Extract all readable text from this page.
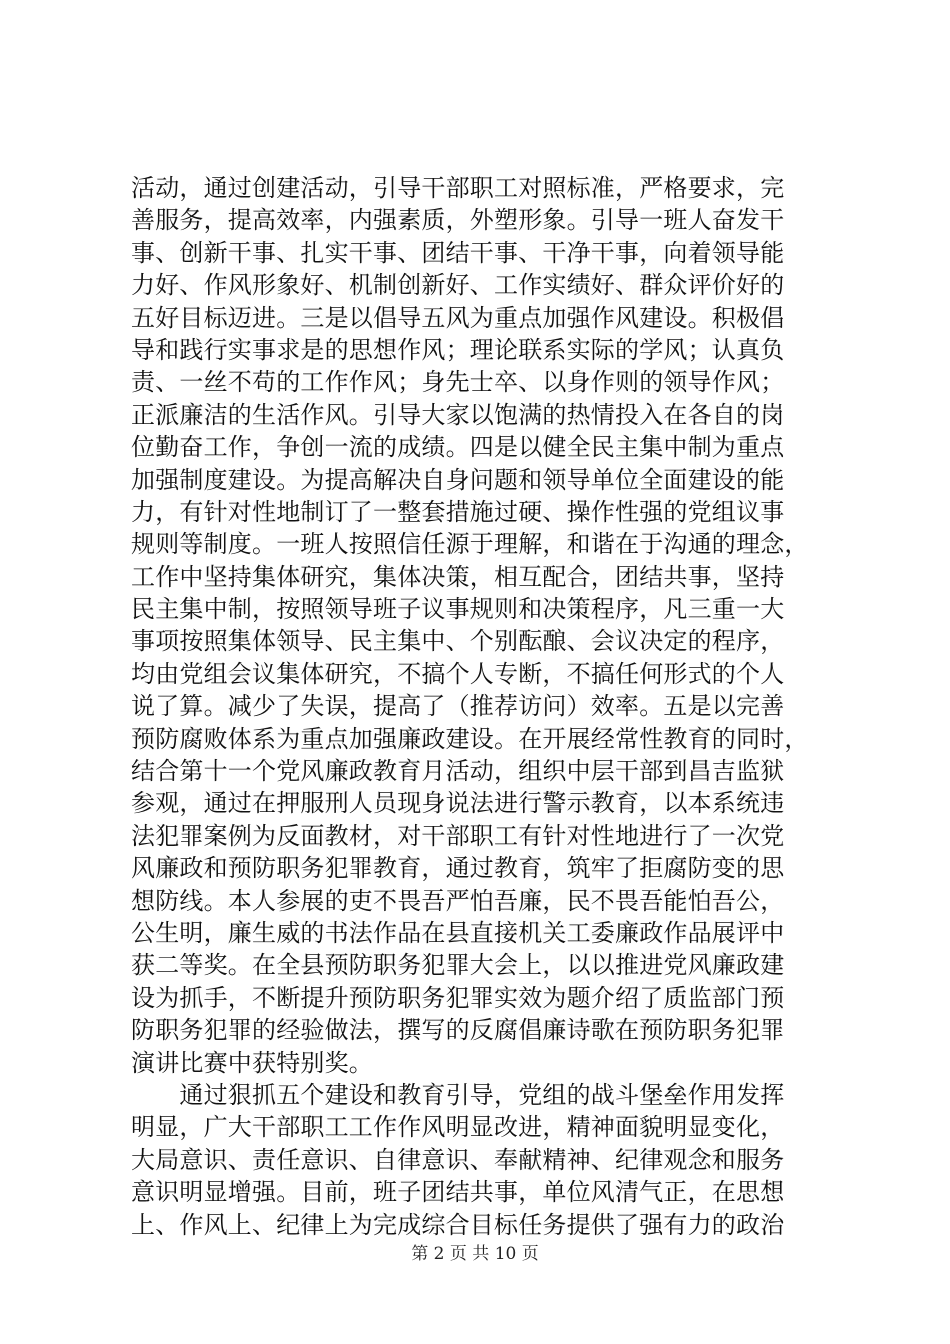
活动，通过创建活动，引导干部职工对照标准，严格要求，完
善服务，提高效率，内强素质，外塑形象。引导一班人奋发干
事、创新干事、扎实干事、团结干事、干净干事，向着领导能
力好、作风形象好、机制创新好、工作实绩好、群众评价好的
五好目标迈进。三是以倡导五风为重点加强作风建设。积极倡
导和践行实事求是的思想作风；理论联系实际的学风；认真负
责、一丝不苟的工作作风；身先士卒、以身作则的领导作风；
正派廉洁的生活作风。引导大家以饱满的热情投入在各自的岗
位勤奋工作，争创一流的成绩。四是以健全民主集中制为重点
加强制度建设。为提高解决自身问题和领导单位全面建设的能
力，有针对性地制订了一整套措施过硬、操作性强的党组议事
规则等制度。一班人按照信任源于理解，和谐在于沟通的理念，
工作中坚持集体研究，集体决策，相互配合，团结共事，坚持
民主集中制，按照领导班子议事规则和决策程序，凡三重一大
事项按照集体领导、民主集中、个别酝酿、会议决定的程序，
均由党组会议集体研究，不搞个人专断，不搞任何形式的个人
说了算。减少了失误，提高了（推荐访问）效率。五是以完善
预防腐败体系为重点加强廉政建设。在开展经常性教育的同时，
结合第十一个党风廉政教育月活动，组织中层干部到昌吉监狱
参观，通过在押服刑人员现身说法进行警示教育，以本系统违
法犯罪案例为反面教材，对干部职工有针对性地进行了一次党
风廉政和预防职务犯罪教育，通过教育，筑牢了拒腐防变的思
想防线。本人参展的吏不畏吾严怕吾廉，民不畏吾能怕吾公，
公生明，廉生威的书法作品在县直接机关工委廉政作品展评中
获二等奖。在全县预防职务犯罪大会上，以以推进党风廉政建
设为抓手，不断提升预防职务犯罪实效为题介绍了质监部门预
防职务犯罪的经验做法，撰写的反腐倡廉诗歌在预防职务犯罪
演讲比赛中获特别奖。
　　通过狠抓五个建设和教育引导，党组的战斗堡垒作用发挥
明显，广大干部职工工作作风明显改进，精神面貌明显变化，
大局意识、责任意识、自律意识、奉献精神、纪律观念和服务
意识明显增强。目前，班子团结共事，单位风清气正，在思想
上、作风上、纪律上为完成综合目标任务提供了强有力的政治
第 2 页 共 10 页
